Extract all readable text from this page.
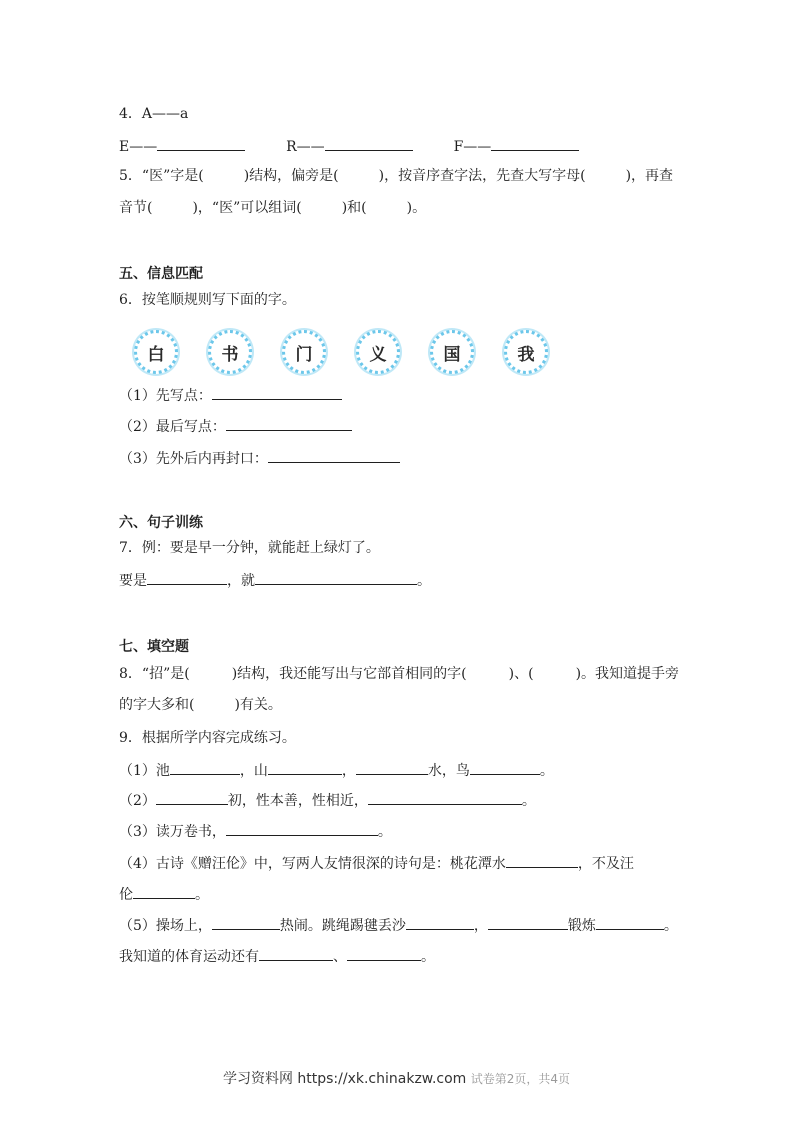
4．A——a
E——	R——	F——
5．“医”字是(	)结构，偏旁是(	)，按音序查字法，先查大写字母(	)，再查
音节(	)，“医”可以组词(	)和(	)。
五、信息匹配
6．按笔顺规则写下面的字。
白	书	门	义	国	我
（1）先写点：
（2）最后写点：
（3）先外后内再封口：
六、句子训练
7．例：要是早一分钟，就能赶上绿灯了。
要是	，就	。
七、填空题
8．“招”是(	)结构，我还能写出与它部首相同的字(	)、(	)。我知道提手旁
的字大多和(	)有关。
9．根据所学内容完成练习。
（1）池	，山	，	水，鸟	。
（2）	初，性本善，性相近，	。
（3）读万卷书，	。
（4）古诗《赠汪伦》中，写两人友情很深的诗句是：桃花潭水	，不及汪
伦	。
（5）操场上，	热闹。跳绳踢毽丢沙	，	锻炼	。
我知道的体育运动还有	、	。
学习资料网 https://xk.chinakzw.com 试卷第2页，共4页
